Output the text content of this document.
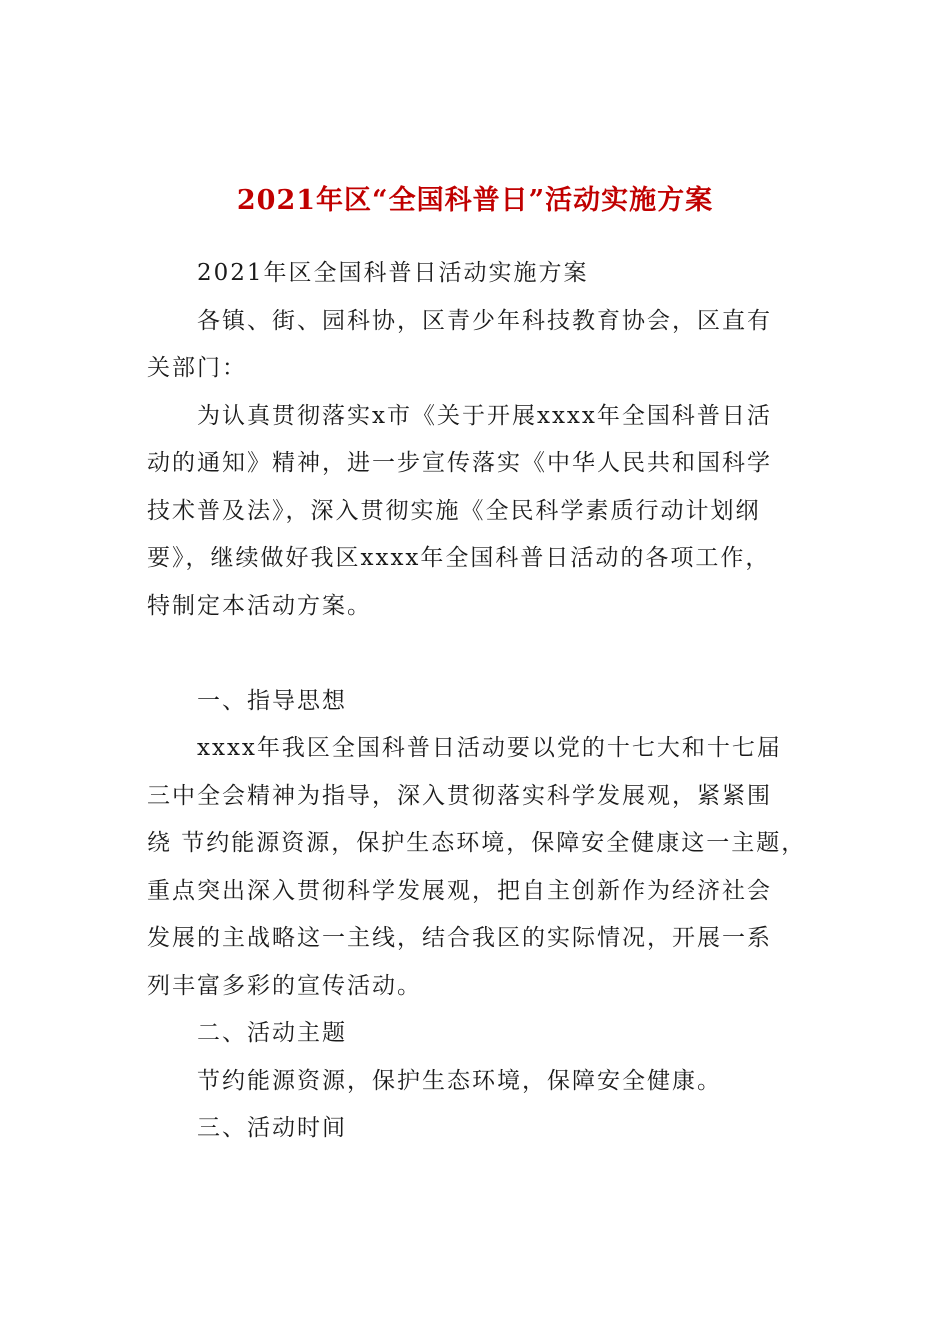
2021年区“全国科普日”活动实施方案
2021年区全国科普日活动实施方案
各镇、街、园科协，区青少年科技教育协会，区直有
关部门：
为认真贯彻落实x市《关于开展xxxx年全国科普日活
动的通知》精神，进一步宣传落实《中华人民共和国科学
技术普及法》，深入贯彻实施《全民科学素质行动计划纲
要》，继续做好我区xxxx年全国科普日活动的各项工作，
特制定本活动方案。
一、指导思想
xxxx年我区全国科普日活动要以党的十七大和十七届
三中全会精神为指导，深入贯彻落实科学发展观，紧紧围
绕 节约能源资源，保护生态环境，保障安全健康这一主题，
重点突出深入贯彻科学发展观，把自主创新作为经济社会
发展的主战略这一主线，结合我区的实际情况，开展一系
列丰富多彩的宣传活动。
二、活动主题
节约能源资源，保护生态环境，保障安全健康。
三、活动时间
